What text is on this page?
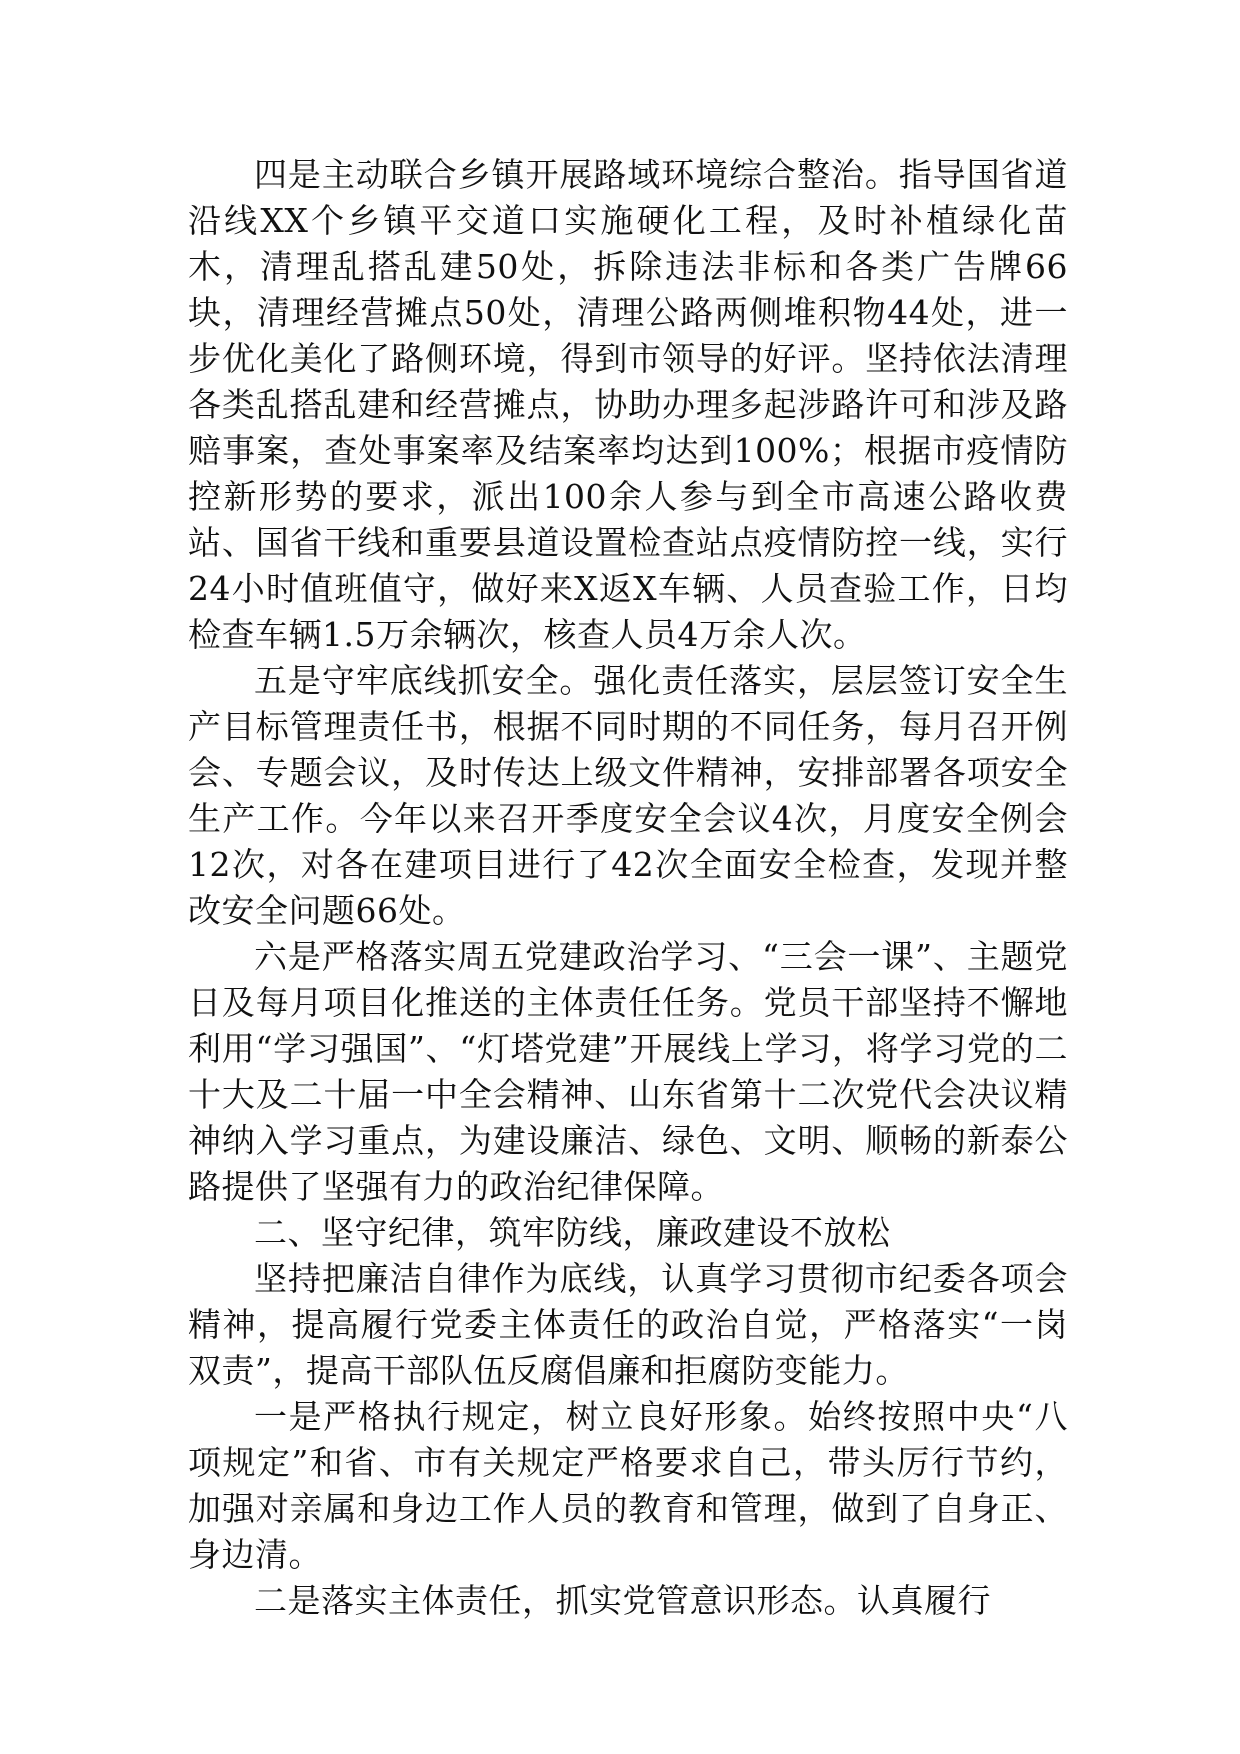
四是主动联合乡镇开展路域环境综合整治。指导国省道沿线XX个乡镇平交道口实施硬化工程，及时补植绿化苗木，清理乱搭乱建50处，拆除违法非标和各类广告牌66块，清理经营摊点50处，清理公路两侧堆积物44处，进一步优化美化了路侧环境，得到市领导的好评。坚持依法清理各类乱搭乱建和经营摊点，协助办理多起涉路许可和涉及路赔事案，查处事案率及结案率均达到100%；根据市疫情防控新形势的要求，派出100余人参与到全市高速公路收费站、国省干线和重要县道设置检查站点疫情防控一线，实行24小时值班值守，做好来X返X车辆、人员查验工作，日均检查车辆1.5万余辆次，核查人员4万余人次。

五是守牢底线抓安全。强化责任落实，层层签订安全生产目标管理责任书，根据不同时期的不同任务，每月召开例会、专题会议，及时传达上级文件精神，安排部署各项安全生产工作。今年以来召开季度安全会议4次，月度安全例会12次，对各在建项目进行了42次全面安全检查，发现并整改安全问题66处。

六是严格落实周五党建政治学习、“三会一课”、主题党日及每月项目化推送的主体责任任务。党员干部坚持不懈地利用“学习强国”、“灯塔党建”开展线上学习，将学习党的二十大及二十届一中全会精神、山东省第十二次党代会决议精神纳入学习重点，为建设廉洁、绿色、文明、顺畅的新泰公路提供了坚强有力的政治纪律保障。

二、坚守纪律，筑牢防线，廉政建设不放松

坚持把廉洁自律作为底线，认真学习贯彻市纪委各项会精神，提高履行党委主体责任的政治自觉，严格落实“一岗双责”，提高干部队伍反腐倡廉和拒腐防变能力。

一是严格执行规定，树立良好形象。始终按照中央“八项规定”和省、市有关规定严格要求自己，带头厉行节约，加强对亲属和身边工作人员的教育和管理，做到了自身正、身边清。

二是落实主体责任，抓实党管意识形态。认真履行
